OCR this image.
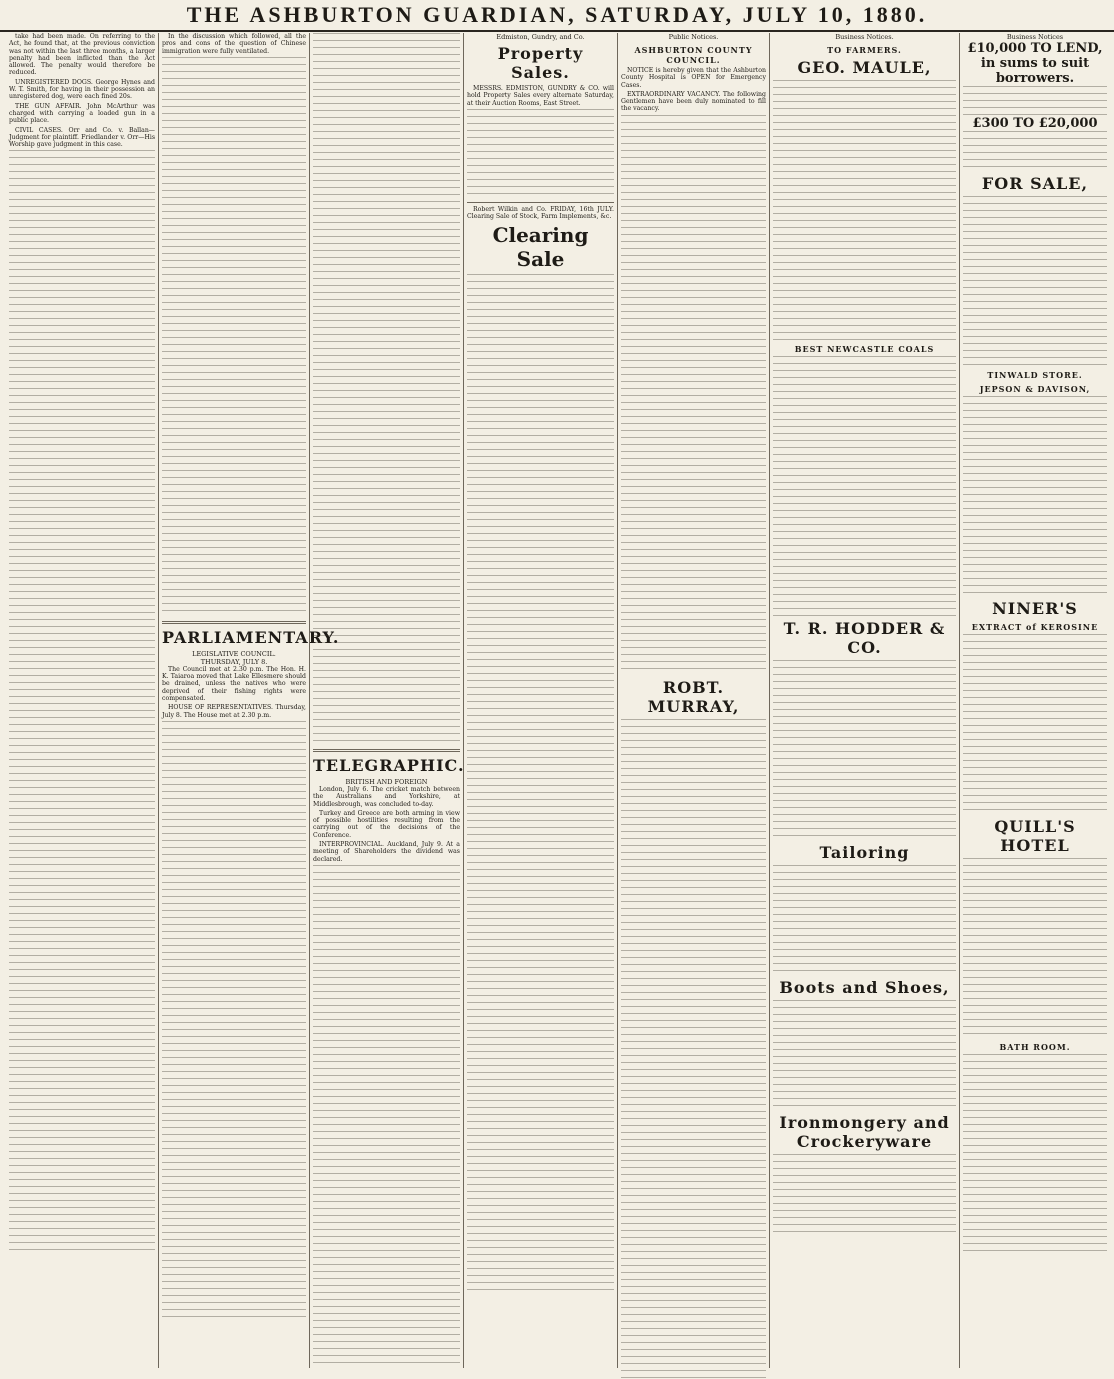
THE ASHBURTON GUARDIAN, SATURDAY, JULY 10, 1880.

take had been made. On referring to the Act, he found that, at the previous conviction was not within the last three months, a larger penalty had been inflicted than the Act allowed. The penalty would therefore be reduced.

UNREGISTERED DOGS. George Hynes and W. T. Smith, for having in their possession an unregistered dog, were each fined 20s.

THE GUN AFFAIR. John McArthur was charged with carrying a loaded gun in a public place.

CIVIL CASES. Orr and Co. v. Ballan—Judgment for plaintiff. Friedlander v. Orr—His Worship gave judgment in this case.

In the discussion which followed, all the pros and cons of the question of Chinese immigration were fully ventilated.

PARLIAMENTARY.
LEGISLATIVE COUNCIL.
THURSDAY, JULY 8.

The Council met at 2.30 p.m. The Hon. H. K. Taiaroa moved that Lake Ellesmere should be drained, unless the natives who were deprived of their fishing rights were compensated.

HOUSE OF REPRESENTATIVES. Thursday, July 8. The House met at 2.30 p.m.

TELEGRAPHIC.
BRITISH AND FOREIGN

London, July 6. The cricket match between the Australians and Yorkshire, at Middlesbrough, was concluded to-day.

Turkey and Greece are both arming in view of possible hostilities resulting from the carrying out of the decisions of the Conference.

INTERPROVINCIAL. Auckland, July 9. At a meeting of Shareholders the dividend was declared.

Edmiston, Gundry, and Co.
Property Sales.

MESSRS. EDMISTON, GUNDRY & CO. will hold Property Sales every alternate Saturday, at their Auction Rooms, East Street.

Robert Wilkin and Co. FRIDAY, 16th JULY. Clearing Sale of Stock, Farm Implements, &c.

Clearing Sale
Public Notices.
ASHBURTON COUNTY COUNCIL.

NOTICE is hereby given that the Ashburton County Hospital is OPEN for Emergency Cases.

EXTRAORDINARY VACANCY. The following Gentlemen have been duly nominated to fill the vacancy.

ROBT. MURRAY,
Business Notices.
TO FARMERS.
GEO. MAULE,
BEST NEWCASTLE COALS
T. R. HODDER & CO.
Tailoring
Boots and Shoes,
Ironmongery and Crockeryware
Business Notices
£10,000 TO LEND, in sums to suit borrowers.
£300 TO £20,000
FOR SALE,
TINWALD STORE.
JEPSON & DAVISON,
NINER'S
EXTRACT of KEROSINE
QUILL'S HOTEL
BATH ROOM.
